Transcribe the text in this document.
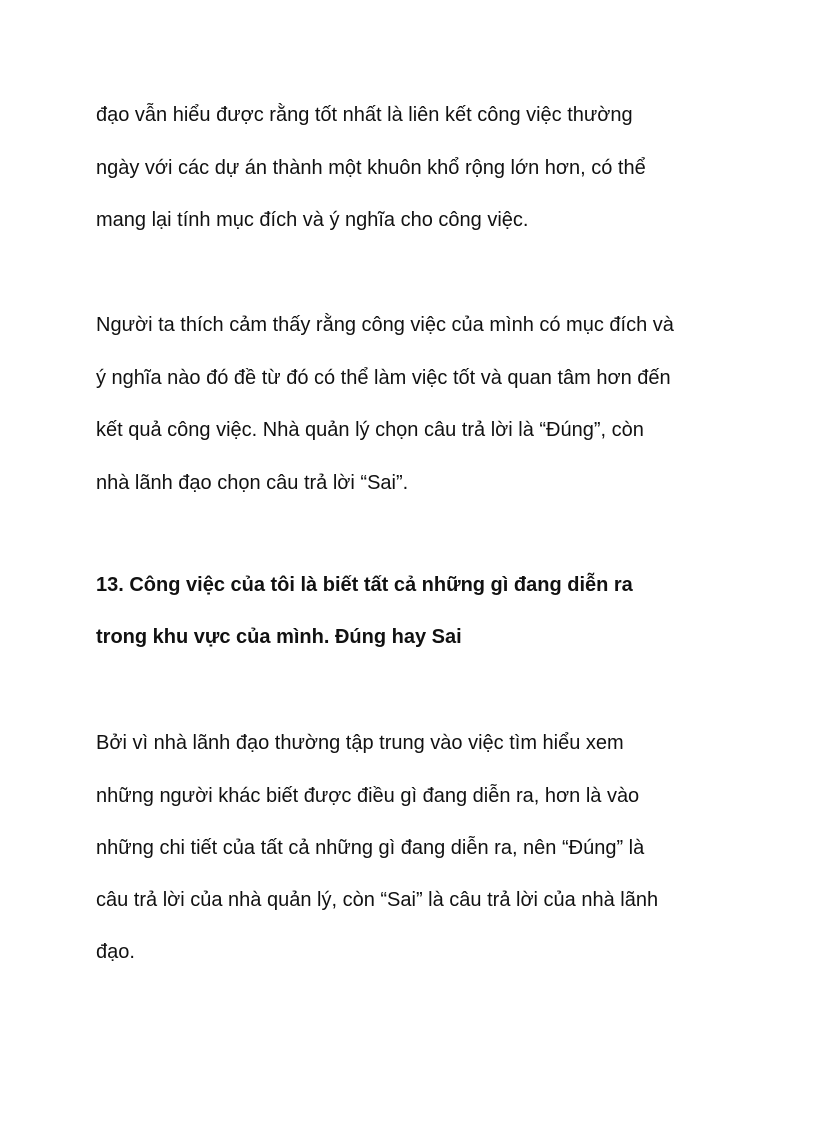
đạo vẫn hiểu được rằng tốt nhất là liên kết công việc thường

ngày với các dự án thành một khuôn khổ rộng lớn hơn, có thể

mang lại tính mục đích và ý nghĩa cho công việc.

Người ta thích cảm thấy rằng công việc của mình có mục đích và

ý nghĩa nào đó đề từ đó có thể làm việc tốt và quan tâm hơn đến

kết quả công việc. Nhà quản lý chọn câu trả lời là “Đúng”, còn

nhà lãnh đạo chọn câu trả lời “Sai”.

13. Công việc của tôi là biết tất cả những gì đang diễn ra

trong khu vực của mình. Đúng hay Sai

Bởi vì nhà lãnh đạo thường tập trung vào việc tìm hiểu xem

những người khác biết được điều gì đang diễn ra, hơn là vào

những chi tiết của tất cả những gì đang diễn ra, nên “Đúng” là

câu trả lời của nhà quản lý, còn “Sai” là câu trả lời của nhà lãnh

đạo.
